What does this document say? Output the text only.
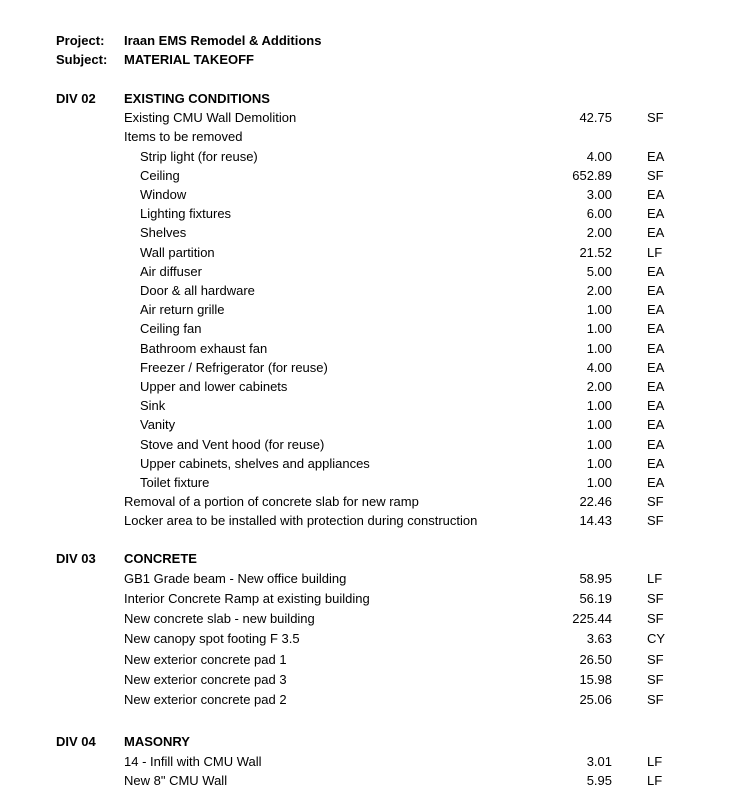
Project: Iraan EMS Remodel & Additions
Subject: MATERIAL TAKEOFF
DIV 02 EXISTING CONDITIONS
Existing CMU Wall Demolition	42.75	SF
Items to be removed
Strip light (for reuse)	4.00	EA
Ceiling	652.89	SF
Window	3.00	EA
Lighting fixtures	6.00	EA
Shelves	2.00	EA
Wall partition	21.52	LF
Air diffuser	5.00	EA
Door & all hardware	2.00	EA
Air return grille	1.00	EA
Ceiling fan	1.00	EA
Bathroom exhaust fan	1.00	EA
Freezer / Refrigerator (for reuse)	4.00	EA
Upper and lower cabinets	2.00	EA
Sink	1.00	EA
Vanity	1.00	EA
Stove and Vent hood (for reuse)	1.00	EA
Upper cabinets, shelves and appliances	1.00	EA
Toilet fixture	1.00	EA
Removal of a portion of concrete slab for new ramp	22.46	SF
Locker area to be installed with protection during construction	14.43	SF
DIV 03 CONCRETE
GB1 Grade beam - New office building	58.95	LF
Interior Concrete Ramp at existing building	56.19	SF
New concrete slab - new building	225.44	SF
New canopy spot footing F 3.5	3.63	CY
New exterior concrete pad 1	26.50	SF
New exterior concrete pad 3	15.98	SF
New exterior concrete pad 2	25.06	SF
DIV 04 MASONRY
14 - Infill with CMU Wall	3.01	LF
New 8" CMU Wall	5.95	LF
